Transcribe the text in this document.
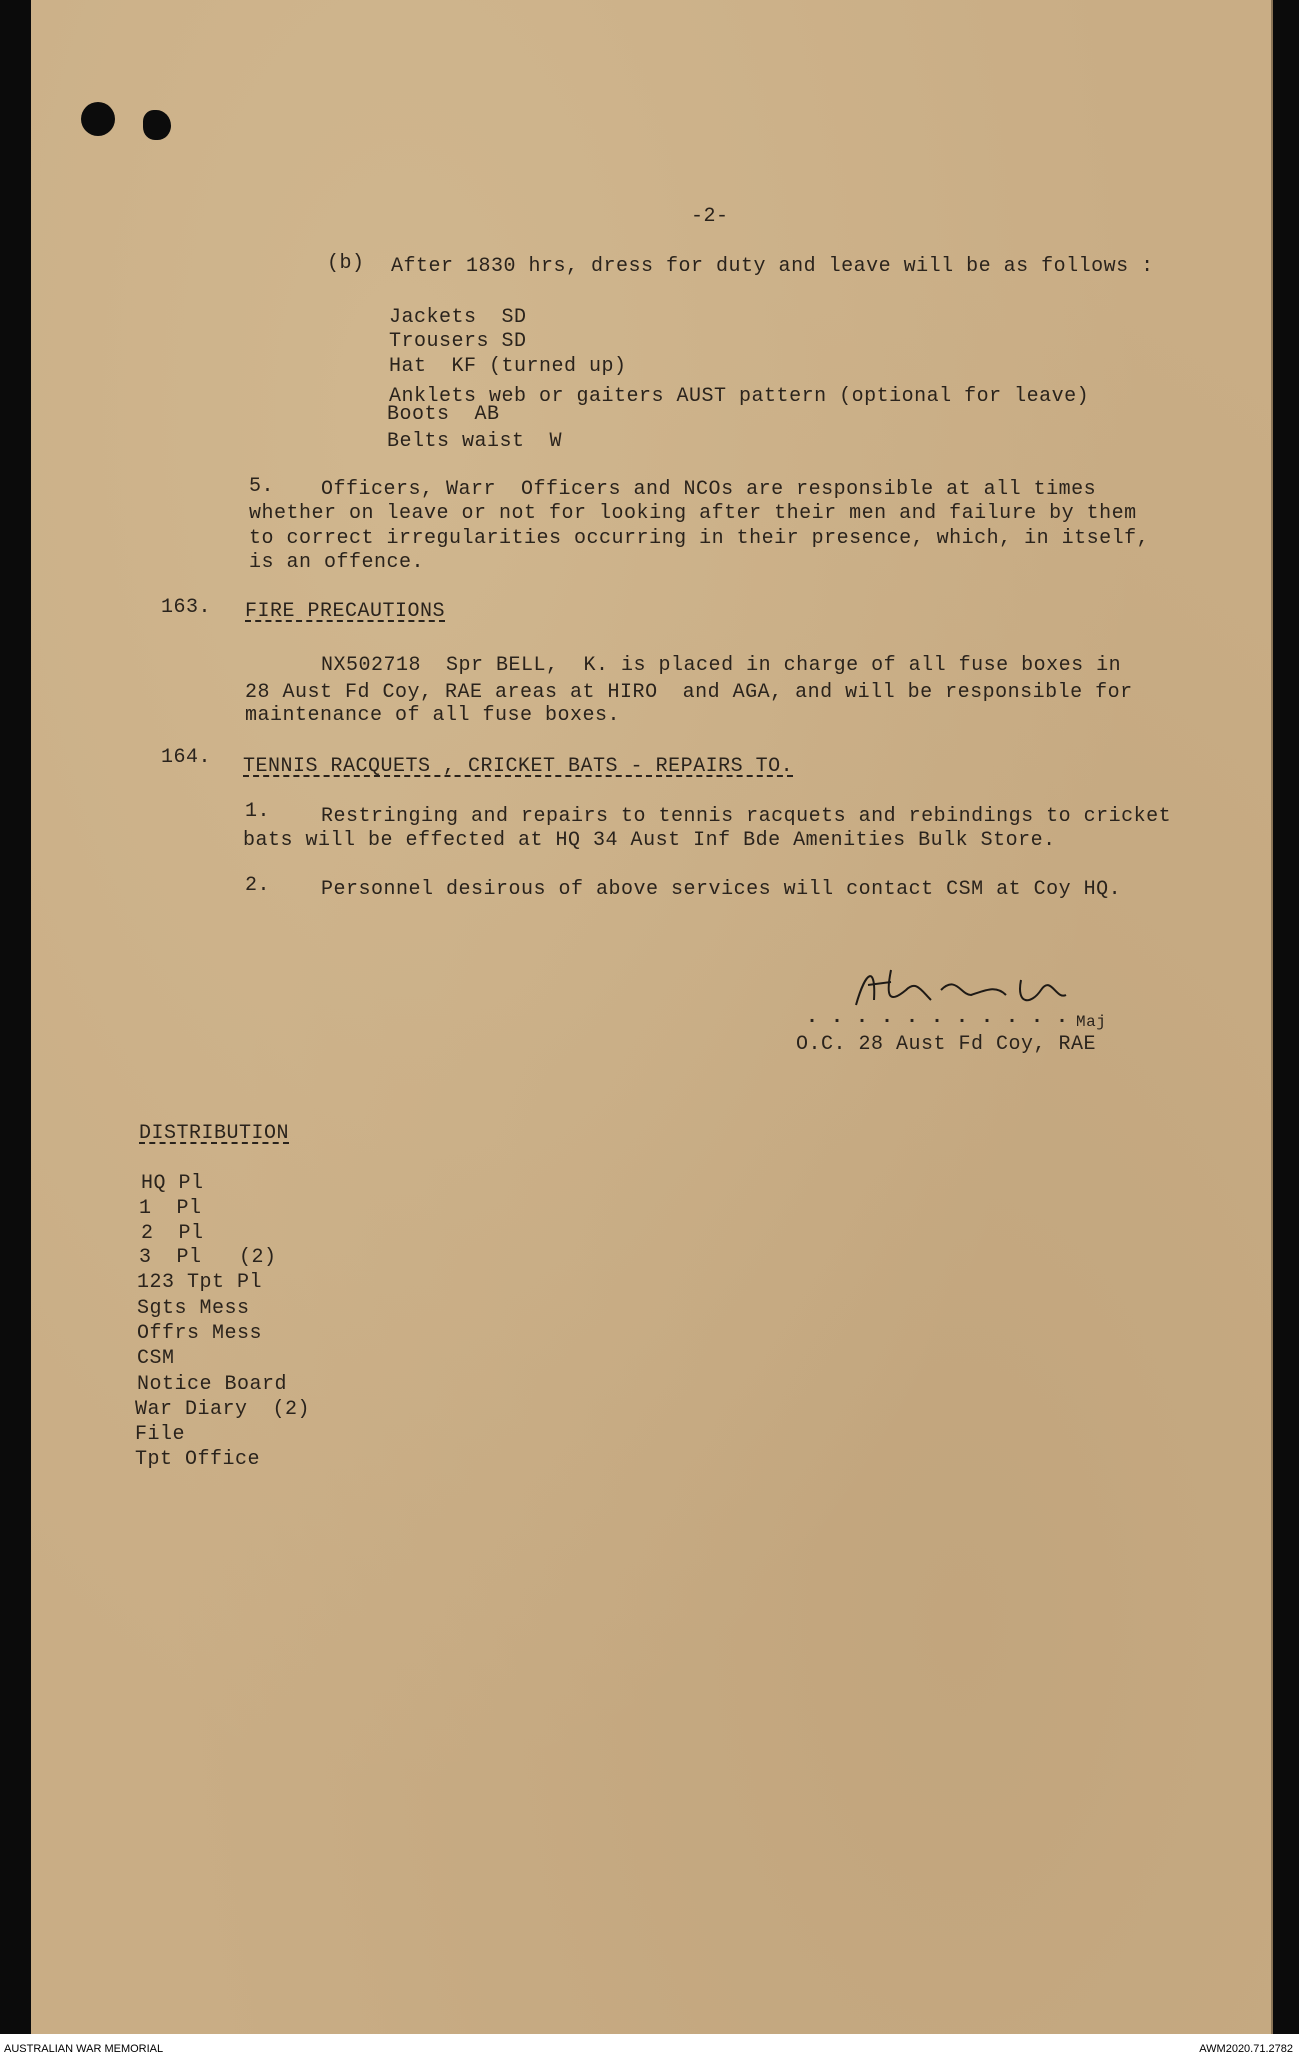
-2-
(b) After 1830 hrs, dress for duty and leave will be as follows :
Jackets  SD
Trousers SD
Hat  KF (turned up)
Anklets web or gaiters AUST pattern (optional for leave)
Boots  AB
Belts waist  W
5. Officers, Warr  Officers and NCOs are responsible at all times
whether on leave or not for looking after their men and failure by them
to correct irregularities occurring in their presence, which, in itself,
is an offence.
163. FIRE PRECAUTIONS
NX502718  Spr BELL,  K. is placed in charge of all fuse boxes in
28 Aust Fd Coy, RAE areas at HIRO  and AGA, and will be responsible for
maintenance of all fuse boxes.
164. TENNIS RACQUETS , CRICKET BATS - REPAIRS TO.
1.	Restringing and repairs to tennis racquets and rebindings to cricket
bats will be effected at HQ 34 Aust Inf Bde Amenities Bulk Store.
2.	Personnel desirous of above services will contact CSM at Coy HQ.
. . . . . . . . . . . Maj
O.C. 28 Aust Fd Coy, RAE
DISTRIBUTION
HQ Pl
1  Pl
2  Pl
3  Pl   (2)
123 Tpt Pl
Sgts Mess
Offrs Mess
CSM
Notice Board
War Diary  (2)
File
Tpt Office
AUSTRALIAN WAR MEMORIAL	AWM2020.71.2782
